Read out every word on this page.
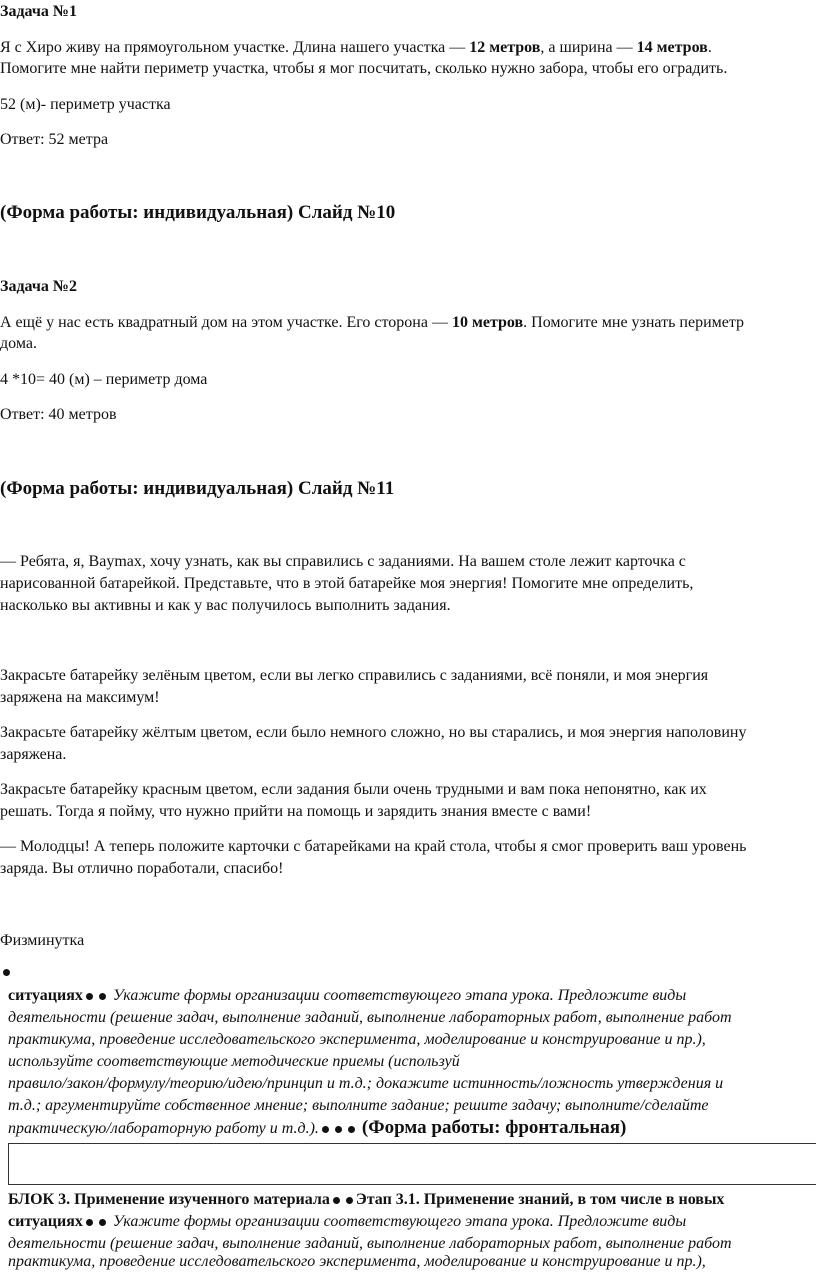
Задача №1
Я с Хиро живу на прямоугольном участке. Длина нашего участка — 12 метров, а ширина — 14 метров.
Помогите мне найти периметр участка, чтобы я мог посчитать, сколько нужно забора, чтобы его оградить.
52 (м)- периметр участка
Ответ: 52 метра
(Форма работы: индивидуальная) Слайд №10
Задача №2
А ещё у нас есть квадратный дом на этом участке. Его сторона — 10 метров. Помогите мне узнать периметр
дома.
4 *10= 40 (м) – периметр дома
Ответ: 40 метров
(Форма работы: индивидуальная) Слайд №11
— Ребята, я, Baymax, хочу узнать, как вы справились с заданиями. На вашем столе лежит карточка с
нарисованной батарейкой. Представьте, что в этой батарейке моя энергия! Помогите мне определить,
насколько вы активны и как у вас получилось выполнить задания.
Закрасьте батарейку зелёным цветом, если вы легко справились с заданиями, всё поняли, и моя энергия
заряжена на максимум!
Закрасьте батарейку жёлтым цветом, если было немного сложно, но вы старались, и моя энергия наполовину
заряжена.
Закрасьте батарейку красным цветом, если задания были очень трудными и вам пока непонятно, как их
решать. Тогда я пойму, что нужно прийти на помощь и зарядить знания вместе с вами!
— Молодцы! А теперь положите карточки с батарейками на край стола, чтобы я смог проверить ваш уровень
заряда. Вы отлично поработали, спасибо!
Физминутка
ситуациях Укажите формы организации соответствующего этапа урока. Предложите виды
деятельности (решение задач, выполнение заданий, выполнение лабораторных работ, выполнение работ
практикума, проведение исследовательского эксперимента, моделирование и конструирование и пр.),
используйте соответствующие методические приемы (используй
правило/закон/формулу/теорию/идею/принцип и т.д.; докажите истинность/ложность утверждения и
т.д.; аргументируйте собственное мнение; выполните задание; решите задачу; выполните/сделайте
практическую/лабораторную работу и т.д.). (Форма работы: фронтальная)
БЛОК 3. Применение изученного материала Этап 3.1. Применение знаний, в том числе в новых
ситуациях Укажите формы организации соответствующего этапа урока. Предложите виды
деятельности (решение задач, выполнение заданий, выполнение лабораторных работ, выполнение работ
практикума, проведение исследовательского эксперимента, моделирование и конструирование и пр.),
